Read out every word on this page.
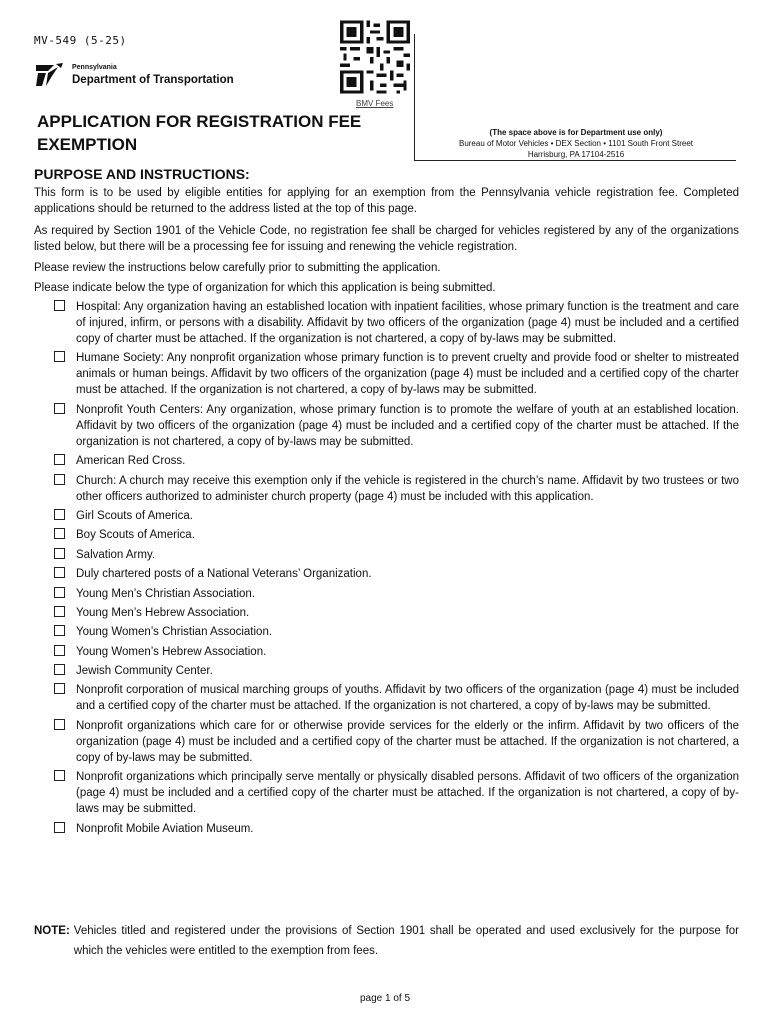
MV-549 (5-25)
Pennsylvania
Department of Transportation
BMV Fees
APPLICATION FOR REGISTRATION FEE EXEMPTION
(The space above is for Department use only)
Bureau of Motor Vehicles • DEX Section • 1101 South Front Street
Harrisburg, PA 17104-2516
PURPOSE AND INSTRUCTIONS:
This form is to be used by eligible entities for applying for an exemption from the Pennsylvania vehicle registration fee. Completed applications should be returned to the address listed at the top of this page.
As required by Section 1901 of the Vehicle Code, no registration fee shall be charged for vehicles registered by any of the organizations listed below, but there will be a processing fee for issuing and renewing the vehicle registration.
Please review the instructions below carefully prior to submitting the application.
Please indicate below the type of organization for which this application is being submitted.
Hospital: Any organization having an established location with inpatient facilities, whose primary function is the treatment and care of injured, infirm, or persons with a disability. Affidavit by two officers of the organization (page 4) must be included and a certified copy of charter must be attached. If the organization is not chartered, a copy of by-laws may be submitted.
Humane Society: Any nonprofit organization whose primary function is to prevent cruelty and provide food or shelter to mistreated animals or human beings. Affidavit by two officers of the organization (page 4) must be included and a certified copy of the charter must be attached. If the organization is not chartered, a copy of by-laws may be submitted.
Nonprofit Youth Centers: Any organization, whose primary function is to promote the welfare of youth at an established location. Affidavit by two officers of the organization (page 4) must be included and a certified copy of the charter must be attached. If the organization is not chartered, a copy of by-laws may be submitted.
American Red Cross.
Church: A church may receive this exemption only if the vehicle is registered in the church’s name. Affidavit by two trustees or two other officers authorized to administer church property (page 4) must be included with this application.
Girl Scouts of America.
Boy Scouts of America.
Salvation Army.
Duly chartered posts of a National Veterans’ Organization.
Young Men’s Christian Association.
Young Men’s Hebrew Association.
Young Women’s Christian Association.
Young Women’s Hebrew Association.
Jewish Community Center.
Nonprofit corporation of musical marching groups of youths. Affidavit by two officers of the organization (page 4) must be included and a certified copy of the charter must be attached. If the organization is not chartered, a copy of by-laws may be submitted.
Nonprofit organizations which care for or otherwise provide services for the elderly or the infirm. Affidavit by two officers of the organization (page 4) must be included and a certified copy of the charter must be attached. If the organization is not chartered, a copy of by-laws may be submitted.
Nonprofit organizations which principally serve mentally or physically disabled persons. Affidavit of two officers of the organization (page 4) must be included and a certified copy of the charter must be attached. If the organization is not chartered, a copy of by-laws may be submitted.
Nonprofit Mobile Aviation Museum.
NOTE: Vehicles titled and registered under the provisions of Section 1901 shall be operated and used exclusively for the purpose for which the vehicles were entitled to the exemption from fees.
page 1 of 5
